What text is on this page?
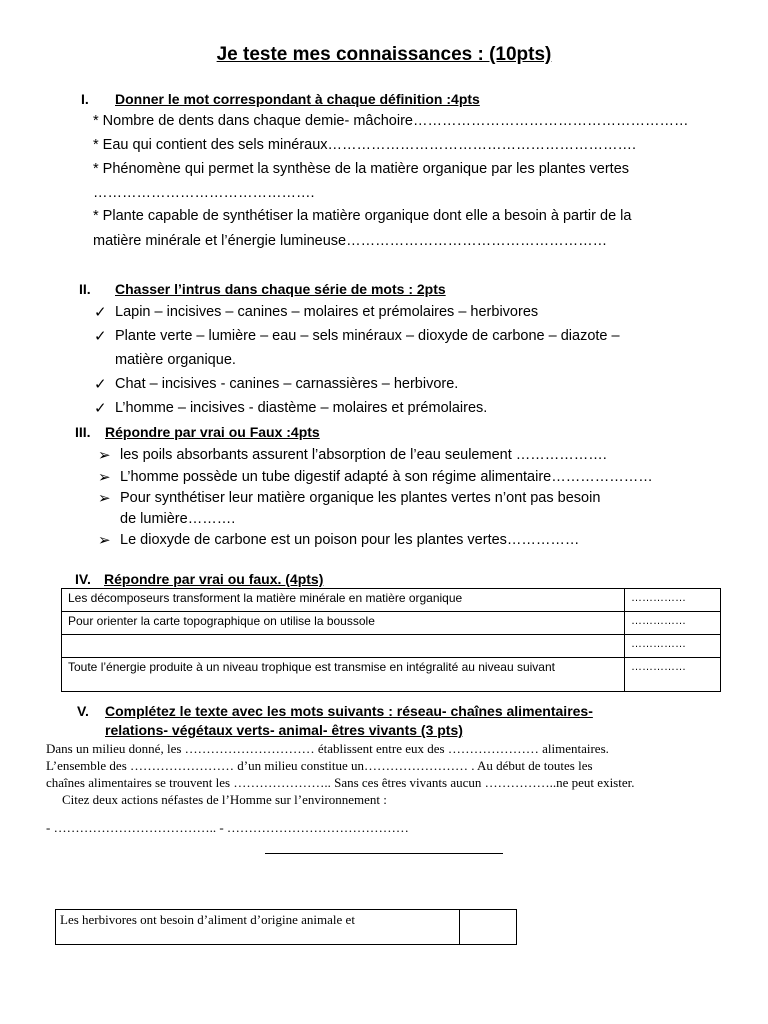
Je teste mes connaissances : (10pts)
I. Donner le mot correspondant à chaque définition :4pts
* Nombre de dents dans chaque demie- mâchoire…………………………………………………
* Eau qui contient des sels minéraux……………………………………………………….
* Phénomène qui permet la synthèse de la matière organique par les plantes vertes
……………………………………….
* Plante capable de synthétiser la matière organique dont elle a besoin à partir de la
matière minérale et l’énergie lumineuse………………………………………………
II. Chasser l’intrus dans chaque série de mots : 2pts
✓ Lapin – incisives – canines – molaires et prémolaires – herbivores
✓ Plante verte – lumière – eau – sels minéraux – dioxyde de carbone – diazote –
matière organique.
✓ Chat – incisives - canines – carnassières – herbivore.
✓ L’homme – incisives - diastème – molaires et prémolaires.
III. Répondre par vrai ou Faux :4pts
➢ les poils absorbants assurent l’absorption de l’eau seulement ……………….
➢ L’homme possède un tube digestif adapté à son régime alimentaire…………………
➢ Pour synthétiser leur matière organique les plantes vertes n’ont pas besoin
de lumière……….
➢ Le dioxyde de carbone est un poison pour les plantes vertes……………
IV. Répondre par vrai ou faux. (4pts)
Les décomposeurs transforment la matière minérale en matière organique	……………
Pour orienter la carte topographique on utilise la boussole	……………
	……………
Toute l’énergie produite à un niveau trophique est transmise en intégralité au niveau suivant	……………
V. Complétez le texte avec les mots suivants : réseau- chaînes alimentaires-
relations- végétaux verts- animal- êtres vivants (3 pts)
Dans un milieu donné, les ………………………… établissent entre eux des ………………… alimentaires.
L’ensemble des …………………… d’un milieu constitue un…………………… . Au début de toutes les
chaînes alimentaires se trouvent les ………………….. Sans ces êtres vivants aucun ……………..ne peut exister.
Citez deux actions néfastes de l’Homme sur l’environnement :
- ……………………………….. - ……………………………………
Les herbivores ont besoin d’aliment d’origine animale et	
